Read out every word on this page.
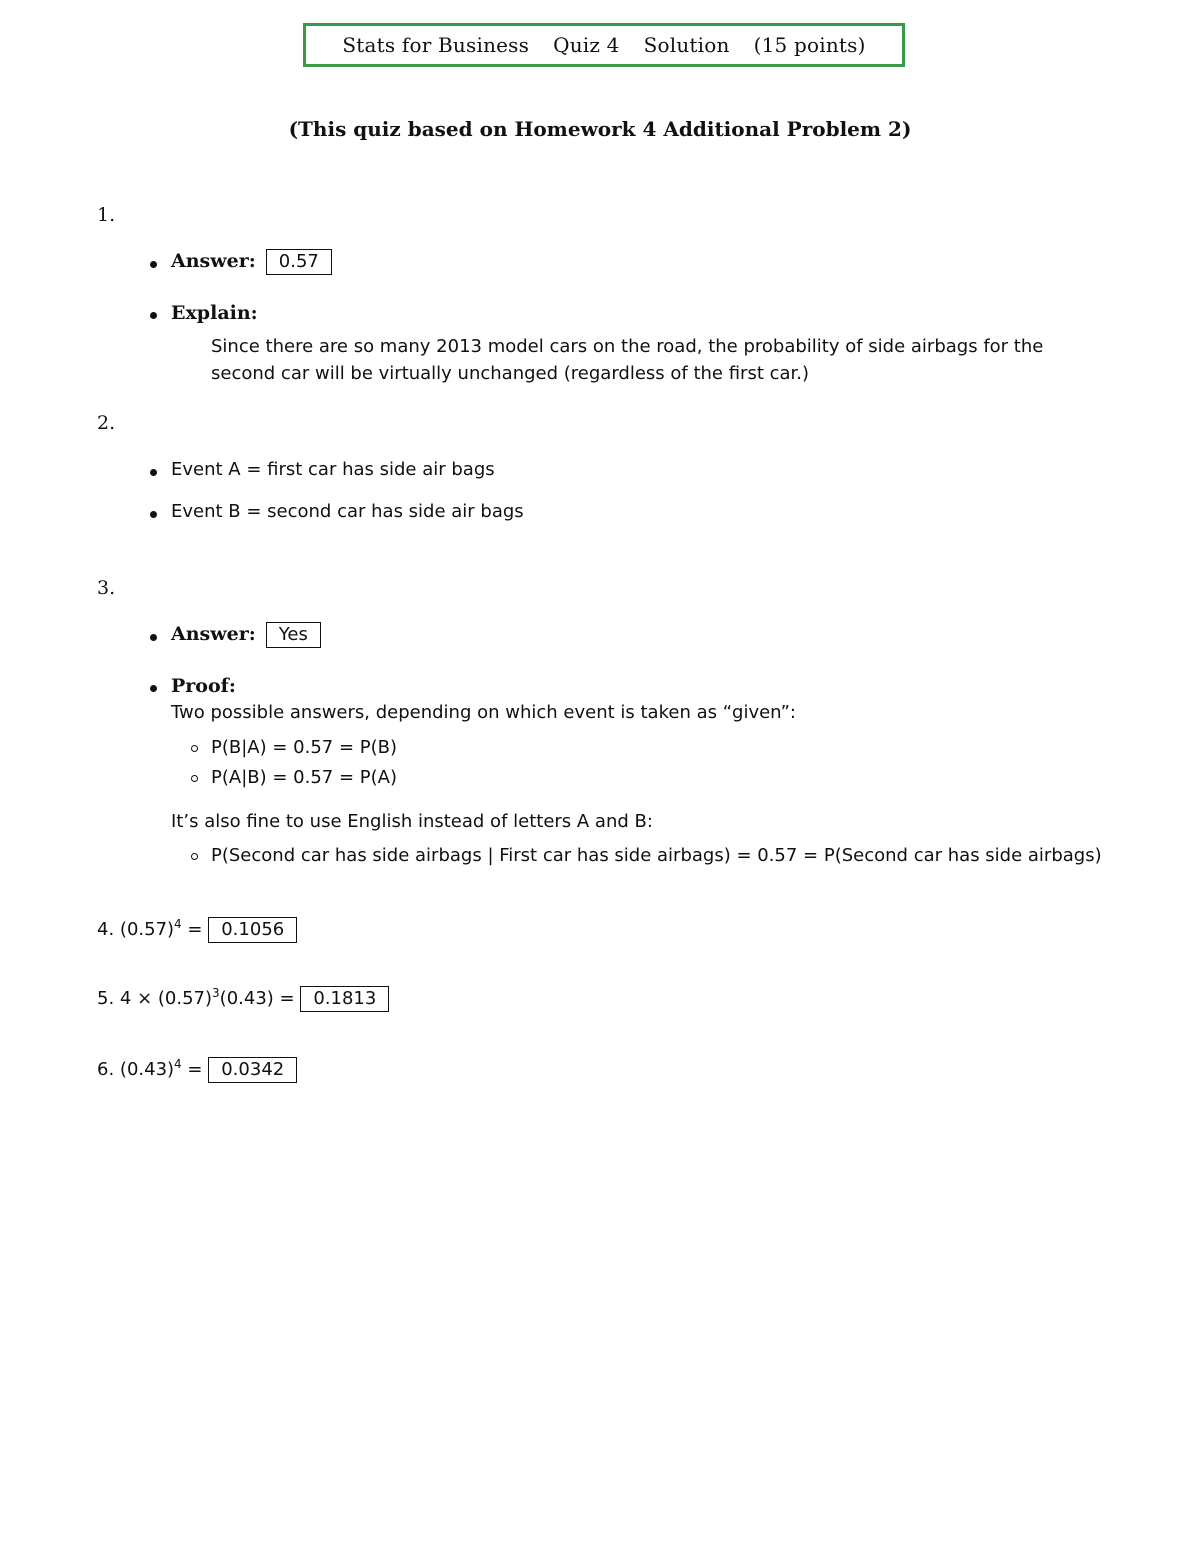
Stats for Business Quiz 4 Solution (15 points)
(This quiz based on Homework 4 Additional Problem 2)
1.
Answer: 0.57
Explain:
Since there are so many 2013 model cars on the road, the probability of side airbags for the
second car will be virtually unchanged (regardless of the first car.)
2.
Event A = first car has side air bags
Event B = second car has side air bags
3.
Answer: Yes
Proof:
Two possible answers, depending on which event is taken as “given”:
P(B|A) = 0.57 = P(B)
P(A|B) = 0.57 = P(A)
It’s also fine to use English instead of letters A and B:
P(Second car has side airbags | First car has side airbags) = 0.57 = P(Second car has side airbags)
4. $(0.57)^4 = 0.1056$
5. $4 \times (0.57)^3(0.43) = 0.1813$
6. $(0.43)^4 = 0.0342$
